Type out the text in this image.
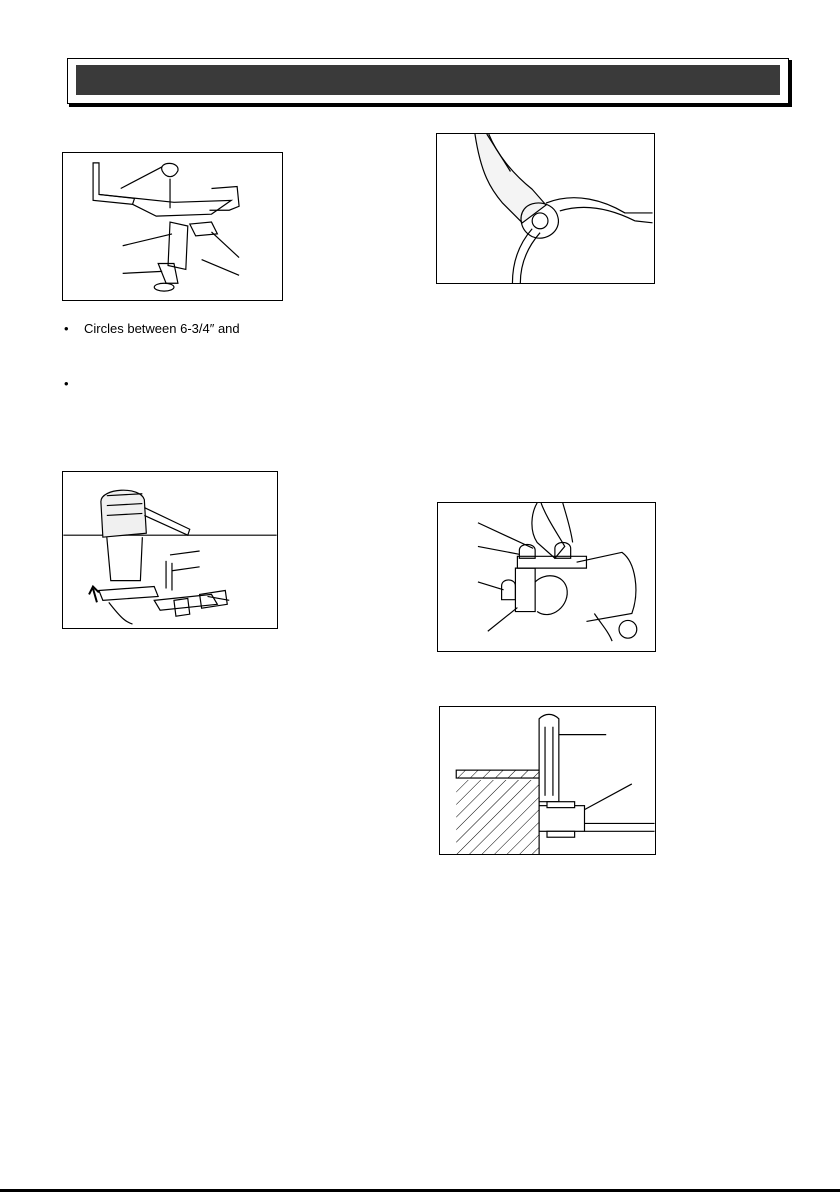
• Circles between 6-3/4″ and
•
